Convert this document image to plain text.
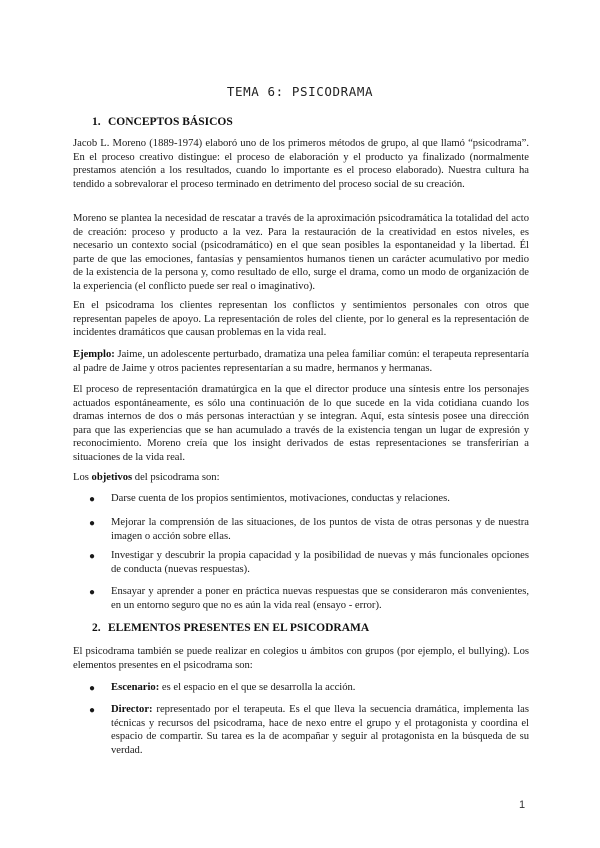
TEMA 6: PSICODRAMA
1. CONCEPTOS BÁSICOS

Jacob L. Moreno (1889-1974) elaboró uno de los primeros métodos de grupo, al que llamó “psicodrama”. En el proceso creativo distingue: el proceso de elaboración y el producto ya finalizado (normalmente prestamos atención a los resultados, cuando lo importante es el proceso elaborado). Nuestra cultura ha tendido a sobrevalorar el proceso terminado en detrimento del proceso social de su creación.

Moreno se plantea la necesidad de rescatar a través de la aproximación psicodramática la totalidad del acto de creación: proceso y producto a la vez. Para la restauración de la creatividad en estos niveles, es necesario un contexto social (psicodramático) en el que sean posibles la espontaneidad y la libertad. Él parte de que las emociones, fantasías y pensamientos humanos tienen un carácter acumulativo por medio de la existencia de la persona y, como resultado de ello, surge el drama, como un modo de organización de la experiencia (el conflicto puede ser real o imaginativo).

En el psicodrama los clientes representan los conflictos y sentimientos personales con otros que representan papeles de apoyo. La representación de roles del cliente, por lo general es la representación de incidentes dramáticos que causan problemas en la vida real.

Ejemplo: Jaime, un adolescente perturbado, dramatiza una pelea familiar común: el terapeuta representaría al padre de Jaime y otros pacientes representarían a su madre, hermanos y hermanas.

El proceso de representación dramatúrgica en la que el director produce una síntesis entre los personajes actuados espontáneamente, es sólo una continuación de lo que sucede en la vida cotidiana cuando los dramas internos de dos o más personas interactúan y se integran. Aquí, esta síntesis posee una dirección para que las experiencias que se han acumulado a través de la existencia tengan un lugar de expresión y reconocimiento. Moreno creía que los insight derivados de estas representaciones se transferirían a situaciones de la vida real.

Los objetivos del psicodrama son:

● Darse cuenta de los propios sentimientos, motivaciones, conductas y relaciones.

● Mejorar la comprensión de las situaciones, de los puntos de vista de otras personas y de nuestra imagen o acción sobre ellas.

● Investigar y descubrir la propia capacidad y la posibilidad de nuevas y más funcionales opciones de conducta (nuevas respuestas).

● Ensayar y aprender a poner en práctica nuevas respuestas que se consideraron más convenientes, en un entorno seguro que no es aún la vida real (ensayo - error).

2. ELEMENTOS PRESENTES EN EL PSICODRAMA

El psicodrama también se puede realizar en colegios u ámbitos con grupos (por ejemplo, el bullying). Los elementos presentes en el psicodrama son:

● Escenario: es el espacio en el que se desarrolla la acción.

● Director: representado por el terapeuta. Es el que lleva la secuencia dramática, implementa las técnicas y recursos del psicodrama, hace de nexo entre el grupo y el protagonista y coordina el espacio de compartir. Su tarea es la de acompañar y seguir al protagonista en la búsqueda de su verdad.

1
